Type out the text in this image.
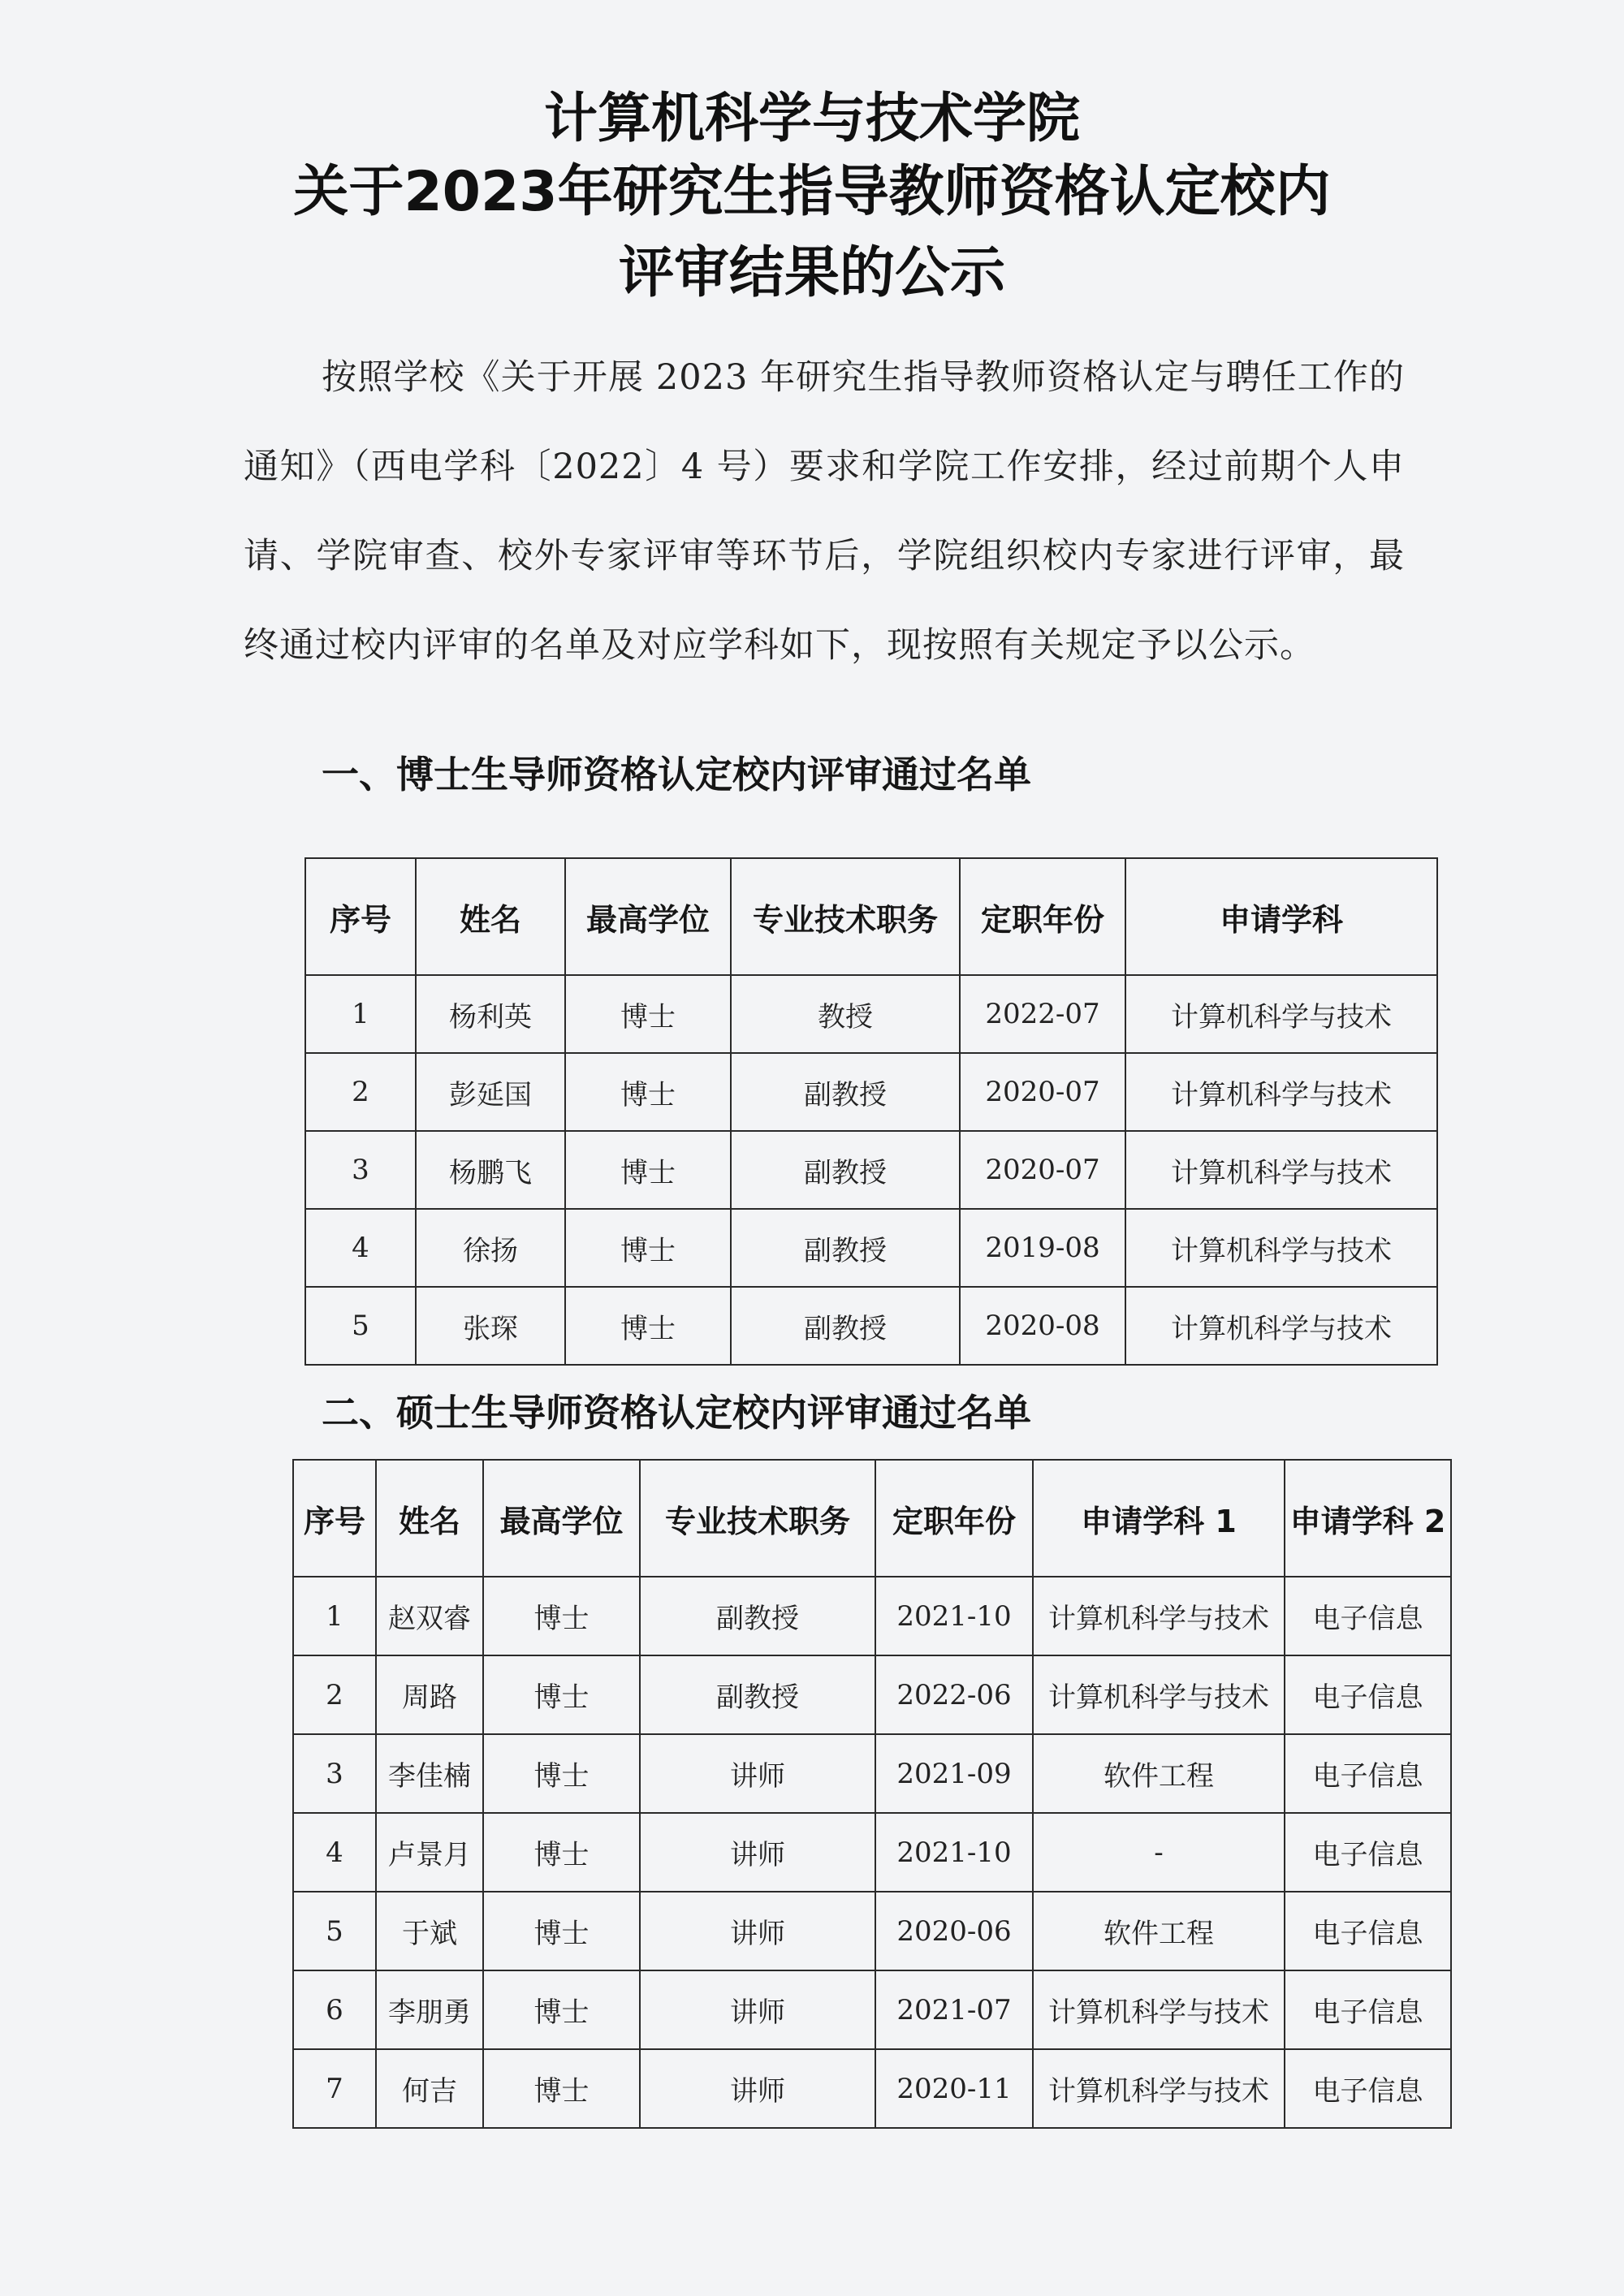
计算机科学与技术学院
关于2023年研究生指导教师资格认定校内
评审结果的公示
按照学校《关于开展 2023 年研究生指导教师资格认定与聘任工作的通知》（西电学科〔2022〕4 号）要求和学院工作安排，经过前期个人申请、学院审查、校外专家评审等环节后，学院组织校内专家进行评审，最终通过校内评审的名单及对应学科如下，现按照有关规定予以公示。
一、博士生导师资格认定校内评审通过名单
序号	姓名	最高学位	专业技术职务	定职年份	申请学科
1	杨利英	博士	教授	2022-07	计算机科学与技术
2	彭延国	博士	副教授	2020-07	计算机科学与技术
3	杨鹏飞	博士	副教授	2020-07	计算机科学与技术
4	徐扬	博士	副教授	2019-08	计算机科学与技术
5	张琛	博士	副教授	2020-08	计算机科学与技术
二、硕士生导师资格认定校内评审通过名单
序号	姓名	最高学位	专业技术职务	定职年份	申请学科 1	申请学科 2
1	赵双睿	博士	副教授	2021-10	计算机科学与技术	电子信息
2	周路	博士	副教授	2022-06	计算机科学与技术	电子信息
3	李佳楠	博士	讲师	2021-09	软件工程	电子信息
4	卢景月	博士	讲师	2021-10	-	电子信息
5	于斌	博士	讲师	2020-06	软件工程	电子信息
6	李朋勇	博士	讲师	2021-07	计算机科学与技术	电子信息
7	何吉	博士	讲师	2020-11	计算机科学与技术	电子信息
